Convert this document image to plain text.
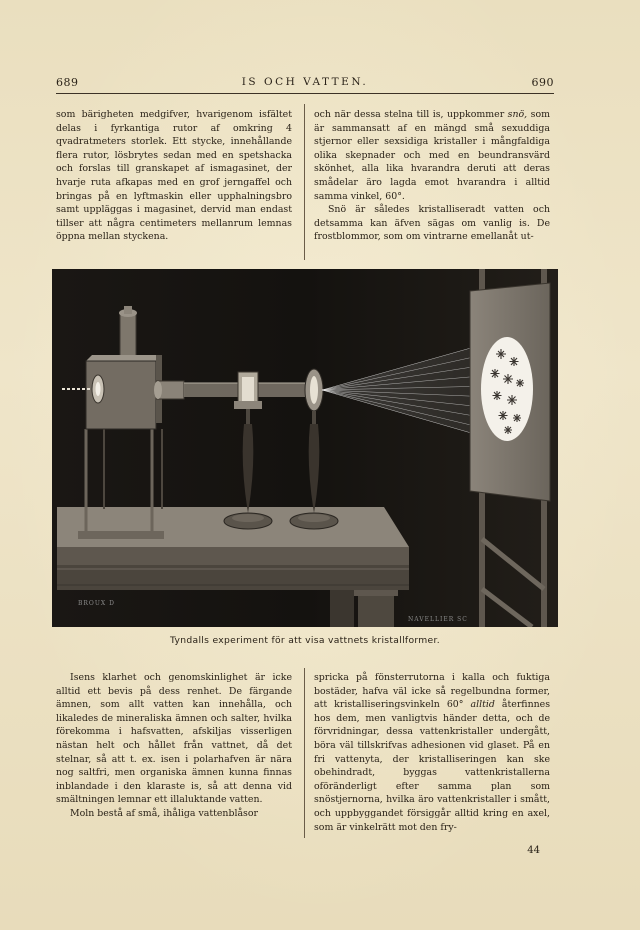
689	IS OCH VATTEN.	690

som bärigheten medgifver, hvarigenom isfältet delas i fyrkantiga rutor af omkring 4 qvadratmeters storlek. Ett stycke, innehållande flera rutor, lösbrytes sedan med en spetshacka och forslas till granskapet af ismagasinet, der hvarje ruta afkapas med en grof jerngaffel och bringas på en lyftmaskin eller upphalningsbro samt uppläggas i magasinet, dervid man endast tillser att några centimeters mellanrum lemnas öppna mellan styckena.

och när dessa stelna till is, uppkommer snö, som är sammansatt af en mängd små sexuddiga stjernor eller sexsidiga kristaller i mångfaldiga olika skepnader och med en beundransvärd skönhet, alla lika hvarandra deruti att deras smådelar äro lagda emot hvarandra i alltid samma vinkel, 60°.

Snö är således kristalliseradt vatten och detsamma kan äfven sägas om vanlig is. De frostblommor, som om vintrarne emellanåt ut-

BROUX D
NAVELLIER SC
Tyndalls experiment för att visa vattnets kristallformer.

Isens klarhet och genomskinlighet är icke alltid ett bevis på dess renhet. De färgande ämnen, som allt vatten kan innehålla, och likaledes de mineraliska ämnen och salter, hvilka förekomma i hafsvatten, afskiljas visserligen nästan helt och hållet från vattnet, då det stelnar, så att t. ex. isen i polarhafven är nära nog saltfri, men organiska ämnen kunna finnas inblandade i den klaraste is, så att denna vid smältningen lemnar ett illaluktande vatten.

Moln bestå af små, ihåliga vattenblåsor

spricka på fönsterrutorna i kalla och fuktiga bostäder, hafva väl icke så regelbundna former, att kristalliseringsvinkeln 60° alltid återfinnes hos dem, men vanligtvis händer detta, och de förvridningar, dessa vattenkristaller undergått, böra väl tillskrifvas adhesionen vid glaset. På en fri vattenyta, der kristalliseringen kan ske obehindradt, byggas vattenkristallerna oföränderligt efter samma plan som snöstjernorna, hvilka äro vattenkristaller i smått, och uppbyggandet försiggår alltid kring en axel, som är vinkelrätt mot den fry-

44
